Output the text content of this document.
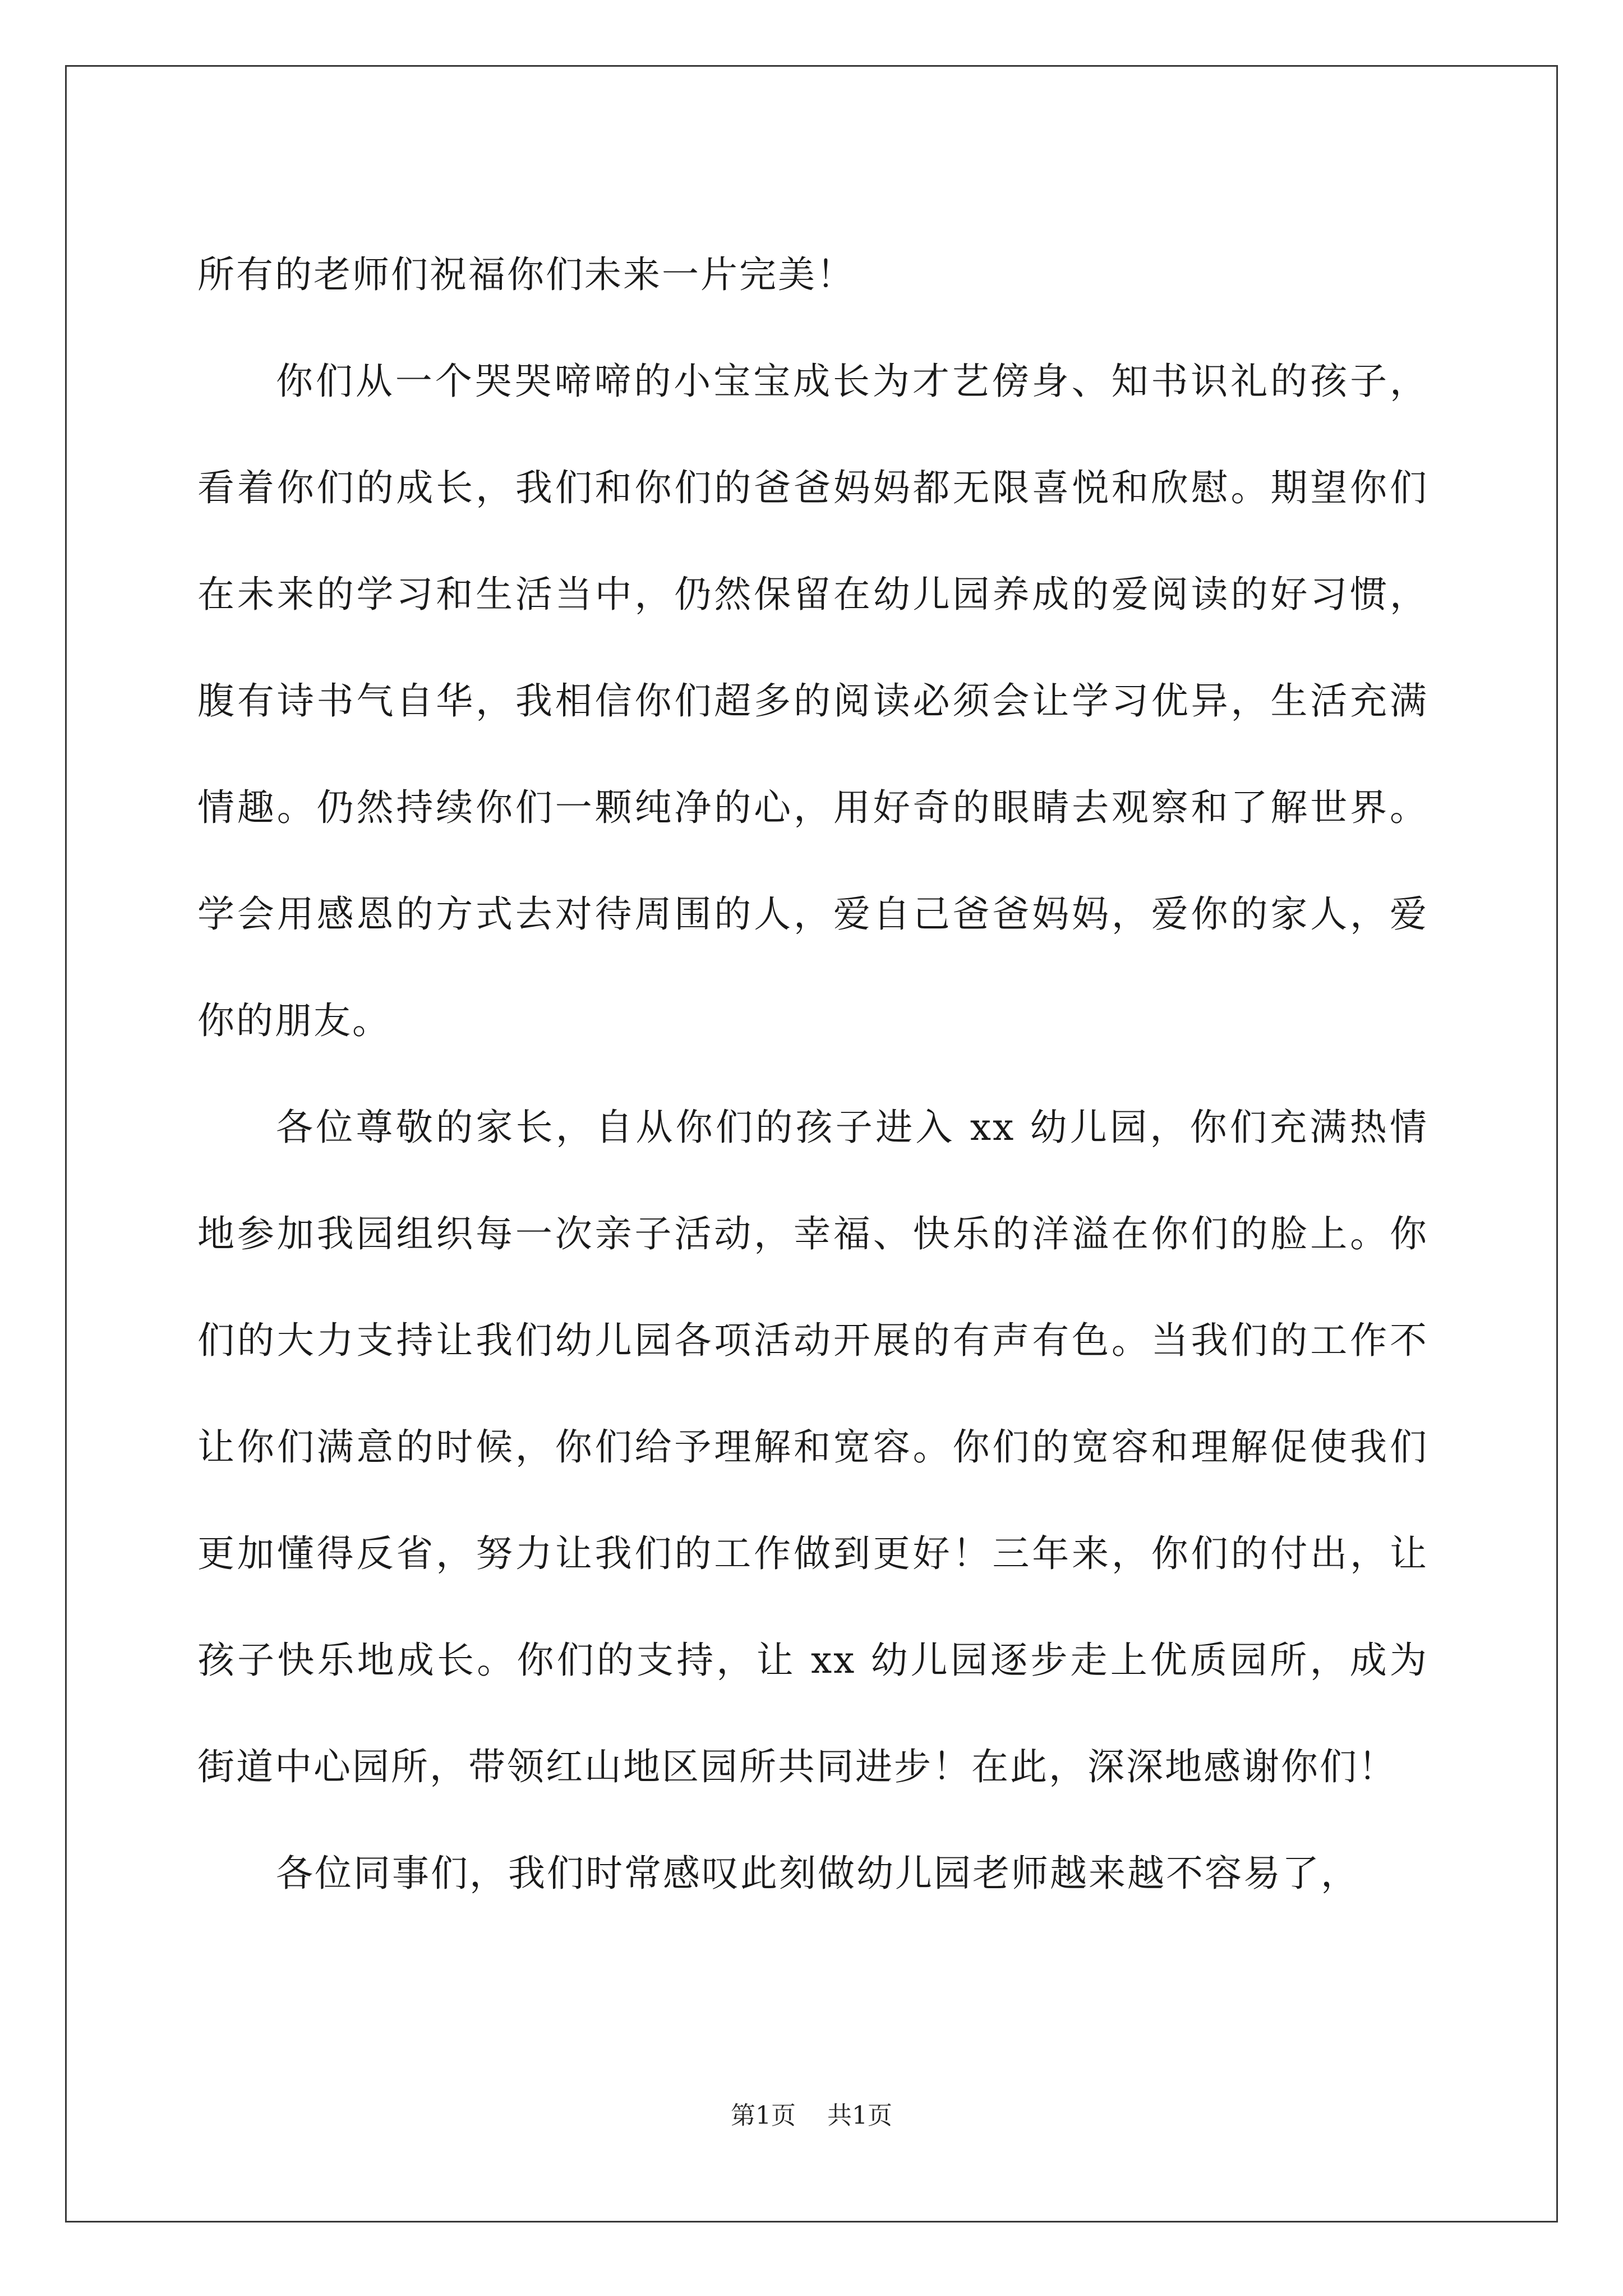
所有的老师们祝福你们未来一片完美！

你们从一个哭哭啼啼的小宝宝成长为才艺傍身、知书识礼的孩子，看着你们的成长，我们和你们的爸爸妈妈都无限喜悦和欣慰。期望你们在未来的学习和生活当中，仍然保留在幼儿园养成的爱阅读的好习惯，腹有诗书气自华，我相信你们超多的阅读必须会让学习优异，生活充满情趣。仍然持续你们一颗纯净的心，用好奇的眼睛去观察和了解世界。学会用感恩的方式去对待周围的人，爱自己爸爸妈妈，爱你的家人，爱你的朋友。

各位尊敬的家长，自从你们的孩子进入 xx 幼儿园，你们充满热情地参加我园组织每一次亲子活动，幸福、快乐的洋溢在你们的脸上。你们的大力支持让我们幼儿园各项活动开展的有声有色。当我们的工作不让你们满意的时候，你们给予理解和宽容。你们的宽容和理解促使我们更加懂得反省，努力让我们的工作做到更好！三年来，你们的付出，让孩子快乐地成长。你们的支持，让 xx 幼儿园逐步走上优质园所，成为街道中心园所，带领红山地区园所共同进步！在此，深深地感谢你们！

各位同事们，我们时常感叹此刻做幼儿园老师越来越不容易了，

第1页 共1页
